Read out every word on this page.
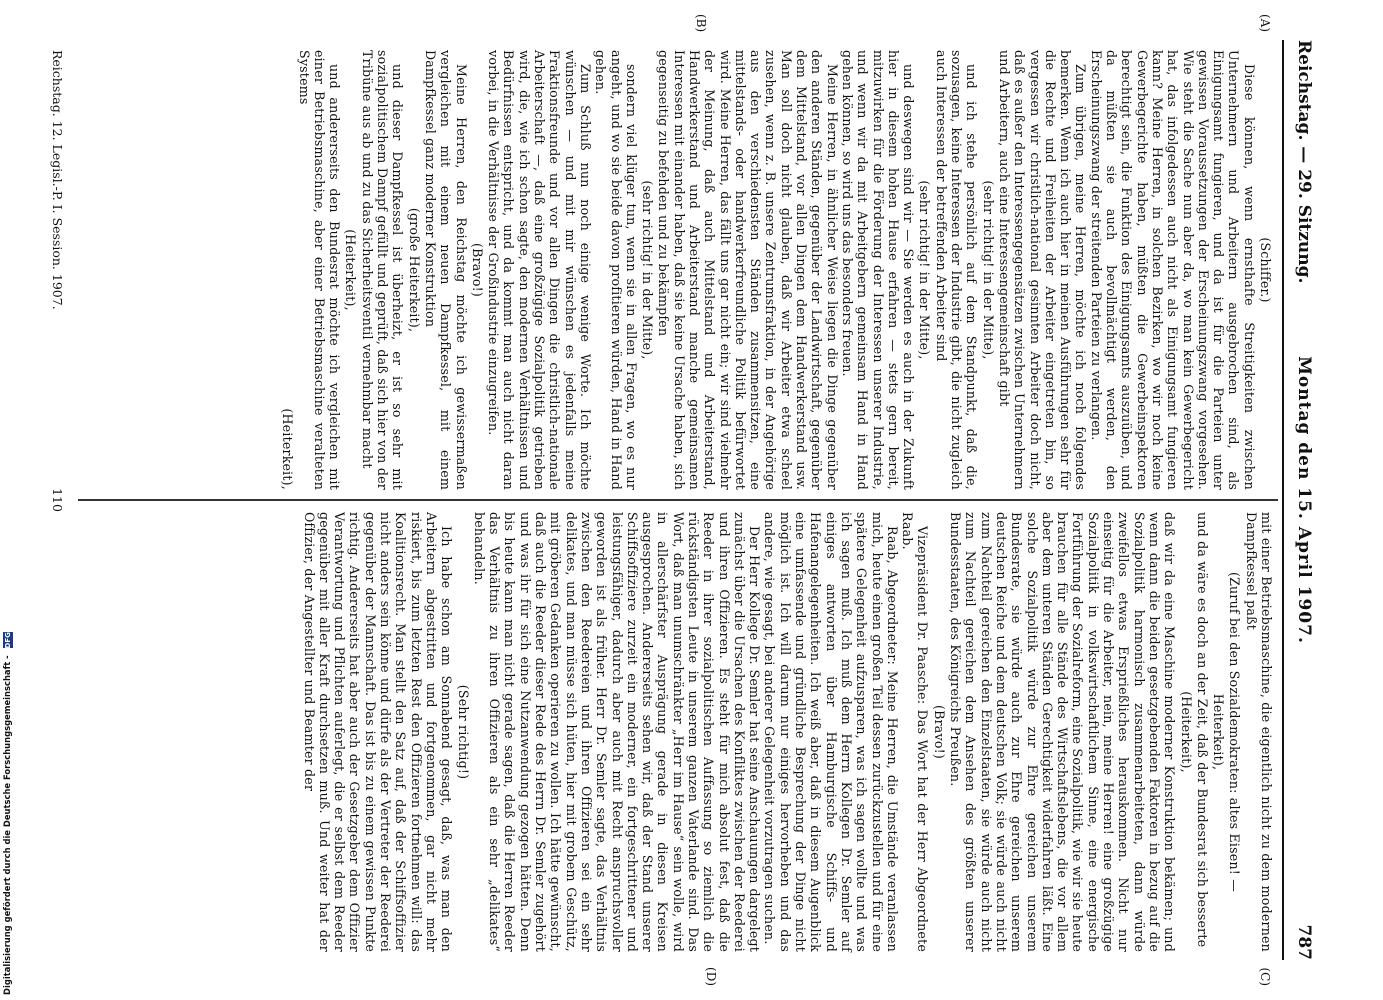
Digitalisierung gefördert durch die Deutsche Forschungsgemeinschaft - DFG
Reichstag. — 29. Sitzung.
Montag den 15. April 1907.
787
(A)
(B)
(C)
(D)

(Schiffer.)

Diese können, wenn ernsthafte Streitigkeiten zwischen Unternehmern und Arbeitern ausgebrochen sind, als Einigungsamt fungieren, und da ist für die Parteien unter gewissen Voraussetzungen der Erscheinungszwang vorgesehen. Wie steht die Sache nun aber da, wo man kein Gewerbegericht hat, das infolgedessen auch nicht als Einigungsamt fungieren kann? Meine Herren, in solchen Bezirken, wo wir noch keine Gewerbegerichte haben, müßten die Gewerbeinspektoren berechtigt sein, die Funktion des Einigungsamts auszuüben, und da müßten sie auch bevollmächtigt werden, den Erscheinungszwang der streitenden Parteien zu verlangen.

Zum übrigen, meine Herren, möchte ich noch folgendes bemerken. Wenn ich auch hier in meinen Ausführungen sehr für die Rechte und Freiheiten der Arbeiter eingetreten bin, so vergessen wir christlich-national gesinnten Arbeiter doch nicht, daß es außer den Interessengegensätzen zwischen Unternehmern und Arbeitern, auch eine Interessengemeinschaft gibt

(sehr richtig! in der Mitte),

und ich stehe persönlich auf dem Standpunkt, daß die, sozusagen, keine Interessen der Industrie gibt, die nicht zugleich auch Interessen der betreffenden Arbeiter sind

(sehr richtig! in der Mitte),

und deswegen sind wir — Sie werden es auch in der Zukunft hier in diesem hohen Hause erfahren — stets gern bereit, mitzuwirken für die Förderung der Interessen unserer Industrie, und wenn wir da mit Arbeitgebern gemeinsam Hand in Hand gehen können, so wird uns das besonders freuen.

Meine Herren, in ähnlicher Weise liegen die Dinge gegenüber den anderen Ständen, gegenüber der Landwirtschaft, gegenüber dem Mittelstand, vor allen Dingen dem Handwerkerstand usw. Man soll doch nicht glauben, daß wir Arbeiter etwa scheel zusehen, wenn z. B. unsere Zentrumsfraktion, in der Angehörige aus den verschiedensten Ständen zusammensitzen, eine mittelstands- oder handwerkerfreundliche Politik befürwortet wird. Meine Herren, das fällt uns gar nicht ein; wir sind vielmehr der Meinung, daß auch Mittelstand und Arbeiterstand, Handwerkerstand und Arbeiterstand manche gemeinsamen Interessen mit einander haben, daß sie keine Ursache haben, sich gegenseitig zu befehden und zu bekämpfen

(sehr richtig! in der Mitte),

sondern viel klüger tun, wenn sie in allen Fragen, wo es nur angeht, und wo sie beide davon profitieren würden, Hand in Hand gehen.

Zum Schluß nun noch einige wenige Worte. Ich möchte wünschen — und mit mir wünschen es jedenfalls meine Fraktionsfreunde und vor allen Dingen die christlich-nationale Arbeiterschaft —, daß eine großzügige Sozialpolitik getrieben wird, die, wie ich schon sagte, den modernen Verhältnissen und Bedürfnissen entspricht, und da kommt man auch nicht daran vorbei, in die Verhältnisse der Großindustrie einzugreifen.

(Bravo!)

Meine Herren, den Reichstag möchte ich gewissermaßen vergleichen mit einem neuen Dampfkessel, mit einem Dampfkessel ganz moderner Konstruktion

(große Heiterkeit),

und dieser Dampfkessel ist überheizt, er ist so sehr mit sozialpolitischem Dampf gefüllt und geprüft, daß sich hier von der Tribüne aus ab und zu das Sicherheitsventil vernehmbar macht

(Heiterkeit),

und andererseits den Bundesrat möchte ich vergleichen mit einer Betriebsmaschine, aber einer Betriebsmaschine veralteten Systems

(Heiterkeit),

mit einer Betriebsmaschine, die eigentlich nicht zu dem modernen Dampfkessel paßt

(Zuruf bei den Sozialdemokraten: altes Eisen! —

Heiterkeit),

und da wäre es doch an der Zeit, daß der Bundesrat sich besserte

(Heiterkeit),

daß wir da eine Maschine moderner Konstruktion bekämen; und wenn dann die beiden gesetzgebenden Faktoren in bezug auf die Sozialpolitik harmonisch zusammenarbeiteten, dann würde zweifellos etwas Ersprießliches herauskommen. Nicht nur einseitig für die Arbeiter, nein, meine Herren! eine großzügige Sozialpolitik in volkswirtschaftlichem Sinne, eine energische Fortführung der Sozialreform, eine Sozialpolitik, wie wir sie heute brauchen für alle Stände des Wirtschaftslebens, die vor allem aber dem unteren Ständen Gerechtigkeit widerfahren läßt. Eine solche Sozialpolitik würde zur Ehre gereichen unserem Bundesrate, sie würde auch zur Ehre gereichen unserem deutschen Reiche und dem deutschen Volk; sie würde auch nicht zum Nachteil gereichen den Einzelstaaten, sie würde auch nicht zum Nachteil gereichen dem Ansehen des größten unserer Bundesstaaten, des Königreichs Preußen.

(Bravo!)

Vizepräsident Dr. Paasche: Das Wort hat der Herr Abgeordnete Raab.

Raab, Abgeordneter: Meine Herren, die Umstände veranlassen mich, heute einen großen Teil dessen zurückzustellen und für eine spätere Gelegenheit aufzusparen, was ich sagen wollte und was ich sagen muß. Ich muß dem Herrn Kollegen Dr. Semler auf einiges antworten über Hamburgische Schiffs- und Hafenangelegenheiten. Ich weiß aber, daß in diesem Augenblick eine umfassende und gründliche Besprechung der Dinge nicht möglich ist. Ich will darum nur einiges hervorheben und das andere, wie gesagt, bei anderer Gelegenheit vorzutragen suchen.

Der Herr Kollege Dr. Semler hat seine Anschauungen dargelegt zunächst über die Ursachen des Konfliktes zwischen der Reederei und ihren Offizieren. Es steht für mich absolut fest, daß die Reeder in ihrer sozialpolitischen Auffassung so ziemlich die rückständigsten Leute in unserem ganzen Vaterlande sind. Das Wort, daß man unumschränkter „Herr im Hause“ sein wolle, wird in allerschärfster Ausprägung gerade in diesen Kreisen ausgesprochen. Andererseits sehen wir, daß der Stand unserer Schiffsoffiziere zurzeit ein moderner, ein fortgeschrittener und leistungsfähiger, dadurch aber auch mit Recht anspruchsvoller geworden ist als früher. Herr Dr. Semler sagte, das Verhältnis zwischen den Reedereien und ihren Offizieren sei ein sehr delikates, und man müsse sich hüten, hier mit grobem Geschütz, mit gröberen Gedanken operieren zu wollen. Ich hätte gewünscht, daß auch die Reeder dieser Rede des Herrn Dr. Semler zugehört und was ihr für sich eine Nutzanwendung gezogen hätten. Denn bis heute kann man nicht gerade sagen, daß die Herren Reeder das Verhältnis zu ihren Offizieren als ein sehr „delikates“ behandeln.

(Sehr richtig!)

Ich habe schon am Sonnabend gesagt, daß, was man den Arbeitern abgestritten und fortgenommen, gar nicht mehr riskiert, bis zum letzten Rest den Offizieren fortnehmen will: das Koalitionsrecht. Man stellt den Satz auf, daß der Schiffsoffizier nicht anders sein könne und dürfe als der Vertreter der Reederei gegenüber der Mannschaft. Das ist bis zu einem gewissen Punkte richtig. Andererseits hat aber auch der Gesetzgeber dem Offizier Verantwortung und Pflichten auferlegt, die er selbst dem Reeder gegenüber mit aller Kraft durchsetzen muß. Und weiter hat der Offizier, der Angestellter und Beamter der

Reichstag. 12. Legisl.-P. I. Session. 1907.
110
